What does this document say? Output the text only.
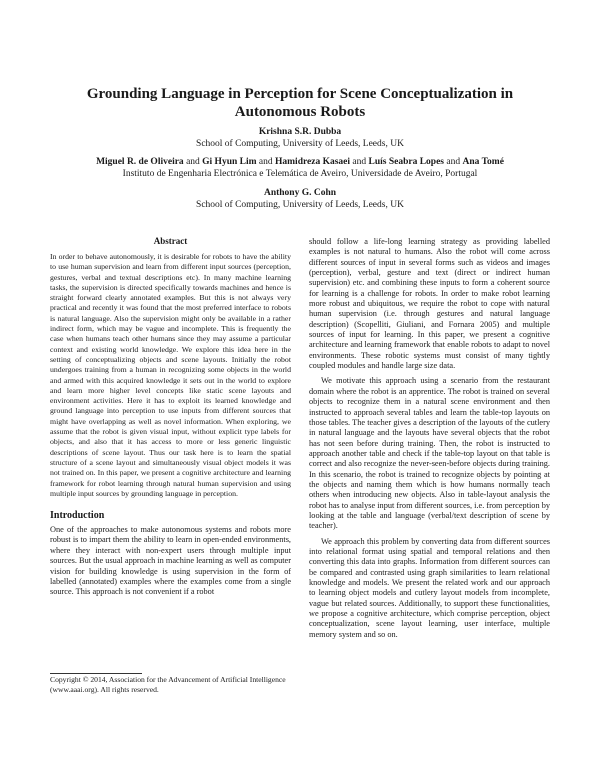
Grounding Language in Perception for Scene Conceptualization in Autonomous Robots
Krishna S.R. Dubba
School of Computing, University of Leeds, Leeds, UK
Miguel R. de Oliveira and Gi Hyun Lim and Hamidreza Kasaei and Luís Seabra Lopes and Ana Tomé
Instituto de Engenharia Electrónica e Telemática de Aveiro, Universidade de Aveiro, Portugal
Anthony G. Cohn
School of Computing, University of Leeds, Leeds, UK
Abstract

In order to behave autonomously, it is desirable for robots to have the ability to use human supervision and learn from different input sources (perception, gestures, verbal and textual descriptions etc). In many machine learning tasks, the supervision is directed specifically towards machines and hence is straight forward clearly annotated examples. But this is not always very practical and recently it was found that the most preferred interface to robots is natural language. Also the supervision might only be available in a rather indirect form, which may be vague and incomplete. This is frequently the case when humans teach other humans since they may assume a particular context and existing world knowledge. We explore this idea here in the setting of conceptualizing objects and scene layouts. Initially the robot undergoes training from a human in recognizing some objects in the world and armed with this acquired knowledge it sets out in the world to explore and learn more higher level concepts like static scene layouts and environment activities. Here it has to exploit its learned knowledge and ground language into perception to use inputs from different sources that might have overlapping as well as novel information. When exploring, we assume that the robot is given visual input, without explicit type labels for objects, and also that it has access to more or less generic linguistic descriptions of scene layout. Thus our task here is to learn the spatial structure of a scene layout and simultaneously visual object models it was not trained on. In this paper, we present a cognitive architecture and learning framework for robot learning through natural human supervision and using multiple input sources by grounding language in perception.

Introduction

One of the approaches to make autonomous systems and robots more robust is to impart them the ability to learn in open-ended environments, where they interact with non-expert users through multiple input sources. But the usual approach in machine learning as well as computer vision for building knowledge is using supervision in the form of labelled (annotated) examples where the examples come from a single source. This approach is not convenient if a robot

Copyright © 2014, Association for the Advancement of Artificial Intelligence (www.aaai.org). All rights reserved.

should follow a life-long learning strategy as providing labelled examples is not natural to humans. Also the robot will come across different sources of input in several forms such as videos and images (perception), verbal, gesture and text (direct or indirect human supervision) etc. and combining these inputs to form a coherent source for learning is a challenge for robots. In order to make robot learning more robust and ubiquitous, we require the robot to cope with natural human supervision (i.e. through gestures and natural language description) (Scopelliti, Giuliani, and Fornara 2005) and multiple sources of input for learning. In this paper, we present a cognitive architecture and learning framework that enable robots to adapt to novel environments. These robotic systems must consist of many tightly coupled modules and handle large size data.

We motivate this approach using a scenario from the restaurant domain where the robot is an apprentice. The robot is trained on several objects to recognize them in a natural scene environment and then instructed to approach several tables and learn the table-top layouts on those tables. The teacher gives a description of the layouts of the cutlery in natural language and the layouts have several objects that the robot has not seen before during training. Then, the robot is instructed to approach another table and check if the table-top layout on that table is correct and also recognize the never-seen-before objects during training. In this scenario, the robot is trained to recognize objects by pointing at the objects and naming them which is how humans normally teach others when introducing new objects. Also in table-layout analysis the robot has to analyse input from different sources, i.e. from perception by looking at the table and language (verbal/text description of scene by teacher).

We approach this problem by converting data from different sources into relational format using spatial and temporal relations and then converting this data into graphs. Information from different sources can be compared and contrasted using graph similarities to learn relational knowledge and models. We present the related work and our approach to learning object models and cutlery layout models from incomplete, vague but related sources. Additionally, to support these functionalities, we propose a cognitive architecture, which comprise perception, object conceptualization, scene layout learning, user interface, multiple memory system and so on.
